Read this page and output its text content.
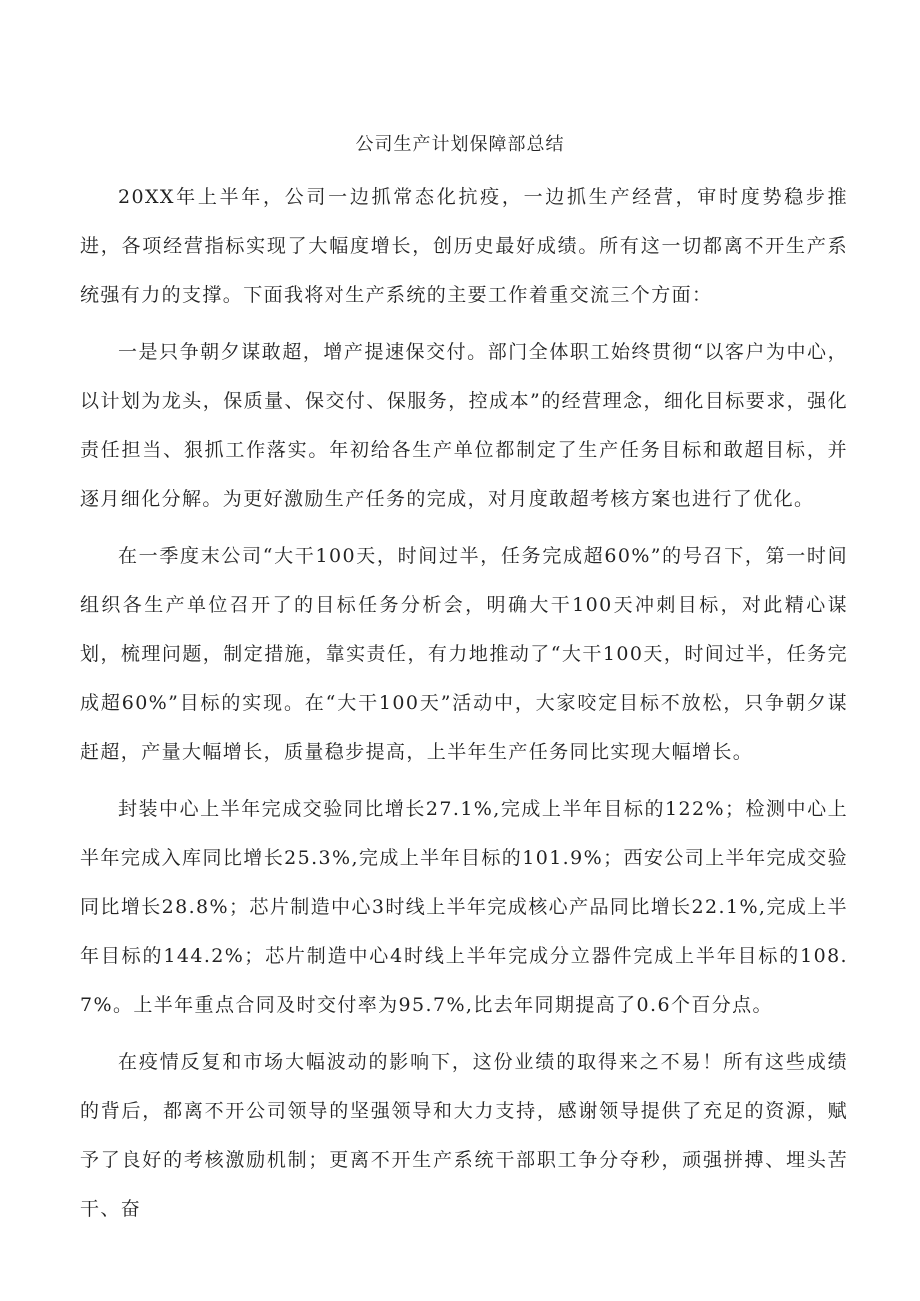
公司生产计划保障部总结

20XX年上半年，公司一边抓常态化抗疫，一边抓生产经营，审时度势稳步推进，各项经营指标实现了大幅度增长，创历史最好成绩。所有这一切都离不开生产系统强有力的支撑。下面我将对生产系统的主要工作着重交流三个方面：

一是只争朝夕谋敢超，增产提速保交付。部门全体职工始终贯彻“以客户为中心，以计划为龙头，保质量、保交付、保服务，控成本”的经营理念，细化目标要求，强化责任担当、狠抓工作落实。年初给各生产单位都制定了生产任务目标和敢超目标，并逐月细化分解。为更好激励生产任务的完成，对月度敢超考核方案也进行了优化。

在一季度末公司“大干100天，时间过半，任务完成超60%”的号召下，第一时间组织各生产单位召开了的目标任务分析会，明确大干100天冲刺目标，对此精心谋划，梳理问题，制定措施，靠实责任，有力地推动了“大干100天，时间过半，任务完成超60%”目标的实现。在“大干100天”活动中，大家咬定目标不放松，只争朝夕谋赶超，产量大幅增长，质量稳步提高，上半年生产任务同比实现大幅增长。

封装中心上半年完成交验同比增长27.1%,完成上半年目标的122%；检测中心上半年完成入库同比增长25.3%,完成上半年目标的101.9%；西安公司上半年完成交验同比增长28.8%；芯片制造中心3时线上半年完成核心产品同比增长22.1%,完成上半年目标的144.2%；芯片制造中心4时线上半年完成分立器件完成上半年目标的108.7%。上半年重点合同及时交付率为95.7%,比去年同期提高了0.6个百分点。

在疫情反复和市场大幅波动的影响下，这份业绩的取得来之不易！所有这些成绩的背后，都离不开公司领导的坚强领导和大力支持，感谢领导提供了充足的资源，赋予了良好的考核激励机制；更离不开生产系统干部职工争分夺秒，顽强拼搏、埋头苦干、奋
